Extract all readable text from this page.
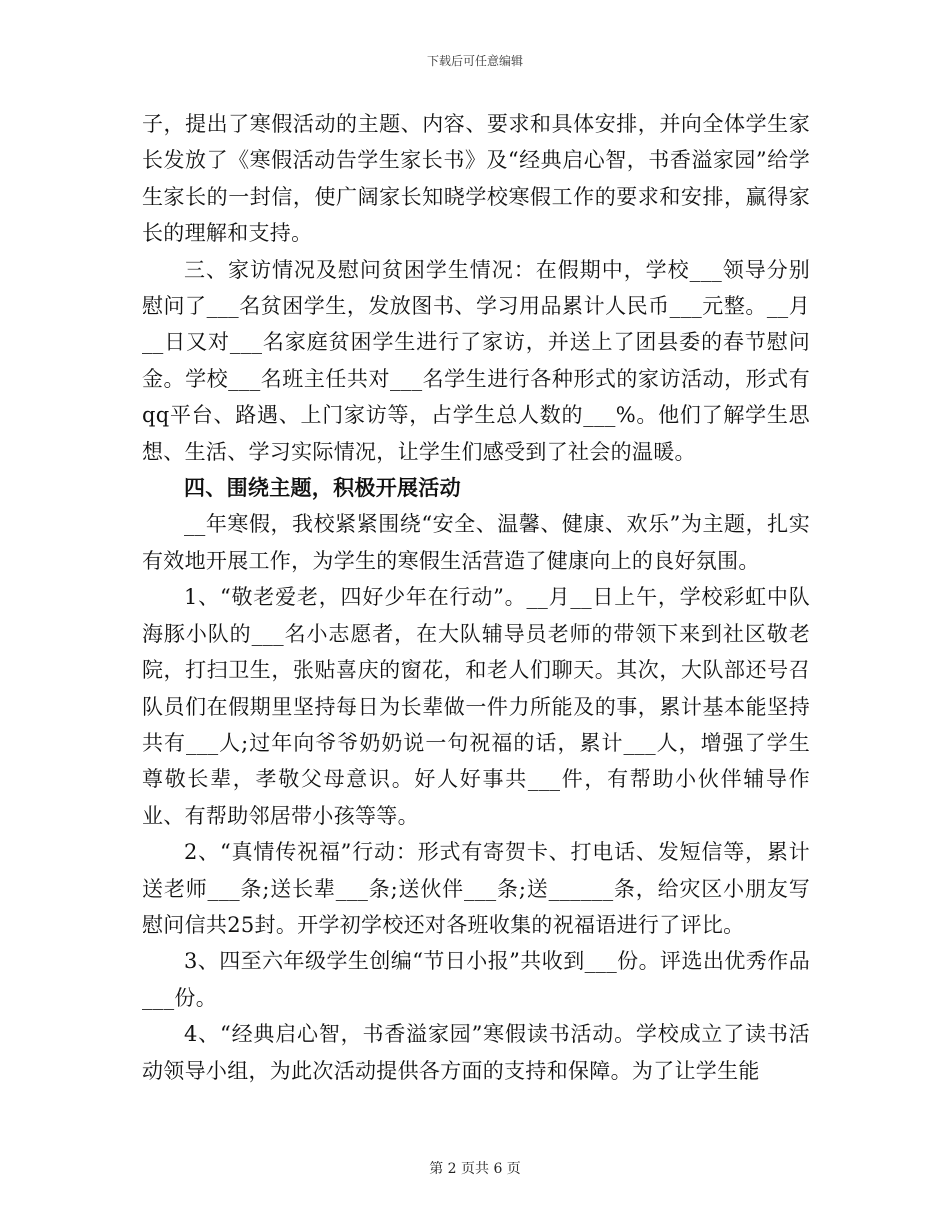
下载后可任意编辑

子，提出了寒假活动的主题、内容、要求和具体安排，并向全体学生家长发放了《寒假活动告学生家长书》及“经典启心智，书香溢家园”给学生家长的一封信，使广阔家长知晓学校寒假工作的要求和安排，赢得家长的理解和支持。

三、家访情况及慰问贫困学生情况：在假期中，学校___领导分别慰问了___名贫困学生，发放图书、学习用品累计人民币___元整。__月__日又对___名家庭贫困学生进行了家访，并送上了团县委的春节慰问金。学校___名班主任共对___名学生进行各种形式的家访活动，形式有qq平台、路遇、上门家访等，占学生总人数的___%。他们了解学生思想、生活、学习实际情况，让学生们感受到了社会的温暖。

四、围绕主题，积极开展活动

__年寒假，我校紧紧围绕“安全、温馨、健康、欢乐”为主题，扎实有效地开展工作，为学生的寒假生活营造了健康向上的良好氛围。

1、“敬老爱老，四好少年在行动”。__月__日上午，学校彩虹中队海豚小队的___名小志愿者，在大队辅导员老师的带领下来到社区敬老院，打扫卫生，张贴喜庆的窗花，和老人们聊天。其次，大队部还号召队员们在假期里坚持每日为长辈做一件力所能及的事，累计基本能坚持共有___人;过年向爷爷奶奶说一句祝福的话，累计___人，增强了学生尊敬长辈，孝敬父母意识。好人好事共___件，有帮助小伙伴辅导作业、有帮助邻居带小孩等等。

2、“真情传祝福”行动：形式有寄贺卡、打电话、发短信等，累计送老师___条;送长辈___条;送伙伴___条;送______条，给灾区小朋友写慰问信共25封。开学初学校还对各班收集的祝福语进行了评比。

3、四至六年级学生创编“节日小报”共收到___份。评选出优秀作品___份。

4、“经典启心智，书香溢家园”寒假读书活动。学校成立了读书活动领导小组，为此次活动提供各方面的支持和保障。为了让学生能

第 2 页共 6 页
